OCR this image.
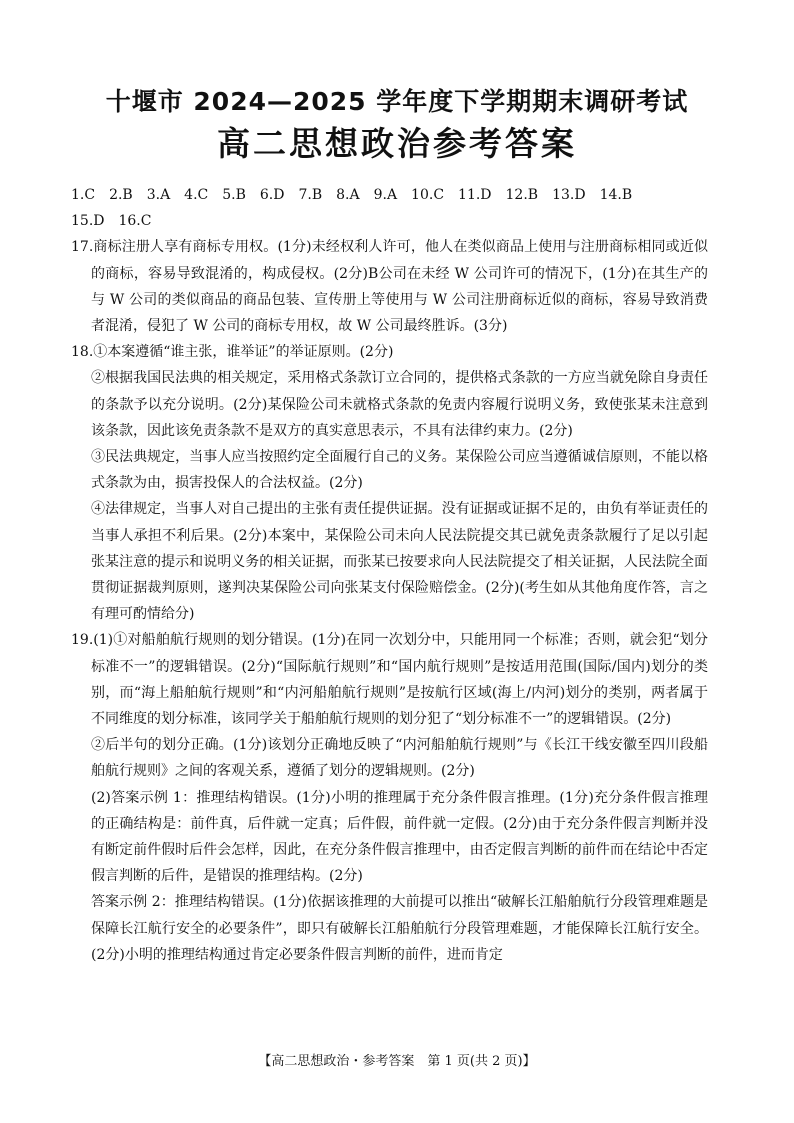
十堰市 2024—2025 学年度下学期期末调研考试
高二思想政治参考答案

1.C　2.B　3.A　4.C　5.B　6.D　7.B　8.A　9.A　10.C　11.D　12.B　13.D　14.B

15.D　16.C

17.商标注册人享有商标专用权。(1分)未经权利人许可，他人在类似商品上使用与注册商标相同或近似的商标，容易导致混淆的，构成侵权。(2分)B公司在未经 W 公司许可的情况下，(1分)在其生产的与 W 公司的类似商品的商品包装、宣传册上等使用与 W 公司注册商标近似的商标，容易导致消费者混淆，侵犯了 W 公司的商标专用权，故 W 公司最终胜诉。(3分)

18.①本案遵循“谁主张，谁举证”的举证原则。(2分)

②根据我国民法典的相关规定，采用格式条款订立合同的，提供格式条款的一方应当就免除自身责任的条款予以充分说明。(2分)某保险公司未就格式条款的免责内容履行说明义务，致使张某未注意到该条款，因此该免责条款不是双方的真实意思表示，不具有法律约束力。(2分)

③民法典规定，当事人应当按照约定全面履行自己的义务。某保险公司应当遵循诚信原则，不能以格式条款为由，损害投保人的合法权益。(2分)

④法律规定，当事人对自己提出的主张有责任提供证据。没有证据或证据不足的，由负有举证责任的当事人承担不利后果。(2分)本案中，某保险公司未向人民法院提交其已就免责条款履行了足以引起张某注意的提示和说明义务的相关证据，而张某已按要求向人民法院提交了相关证据，人民法院全面贯彻证据裁判原则，遂判决某保险公司向张某支付保险赔偿金。(2分)(考生如从其他角度作答，言之有理可酌情给分)

19.(1)①对船舶航行规则的划分错误。(1分)在同一次划分中，只能用同一个标准；否则，就会犯“划分标准不一”的逻辑错误。(2分)“国际航行规则”和“国内航行规则”是按适用范围(国际/国内)划分的类别，而“海上船舶航行规则”和“内河船舶航行规则”是按航行区域(海上/内河)划分的类别，两者属于不同维度的划分标准，该同学关于船舶航行规则的划分犯了“划分标准不一”的逻辑错误。(2分)

②后半句的划分正确。(1分)该划分正确地反映了“内河船舶航行规则”与《长江干线安徽至四川段船舶航行规则》之间的客观关系，遵循了划分的逻辑规则。(2分)

(2)答案示例 1：推理结构错误。(1分)小明的推理属于充分条件假言推理。(1分)充分条件假言推理的正确结构是：前件真，后件就一定真；后件假，前件就一定假。(2分)由于充分条件假言判断并没有断定前件假时后件会怎样，因此，在充分条件假言推理中，由否定假言判断的前件而在结论中否定假言判断的后件，是错误的推理结构。(2分)

答案示例 2：推理结构错误。(1分)依据该推理的大前提可以推出“破解长江船舶航行分段管理难题是保障长江航行安全的必要条件”，即只有破解长江船舶航行分段管理难题，才能保障长江航行安全。(2分)小明的推理结构通过肯定必要条件假言判断的前件，进而肯定

【高二思想政治・参考答案　第 1 页(共 2 页)】
